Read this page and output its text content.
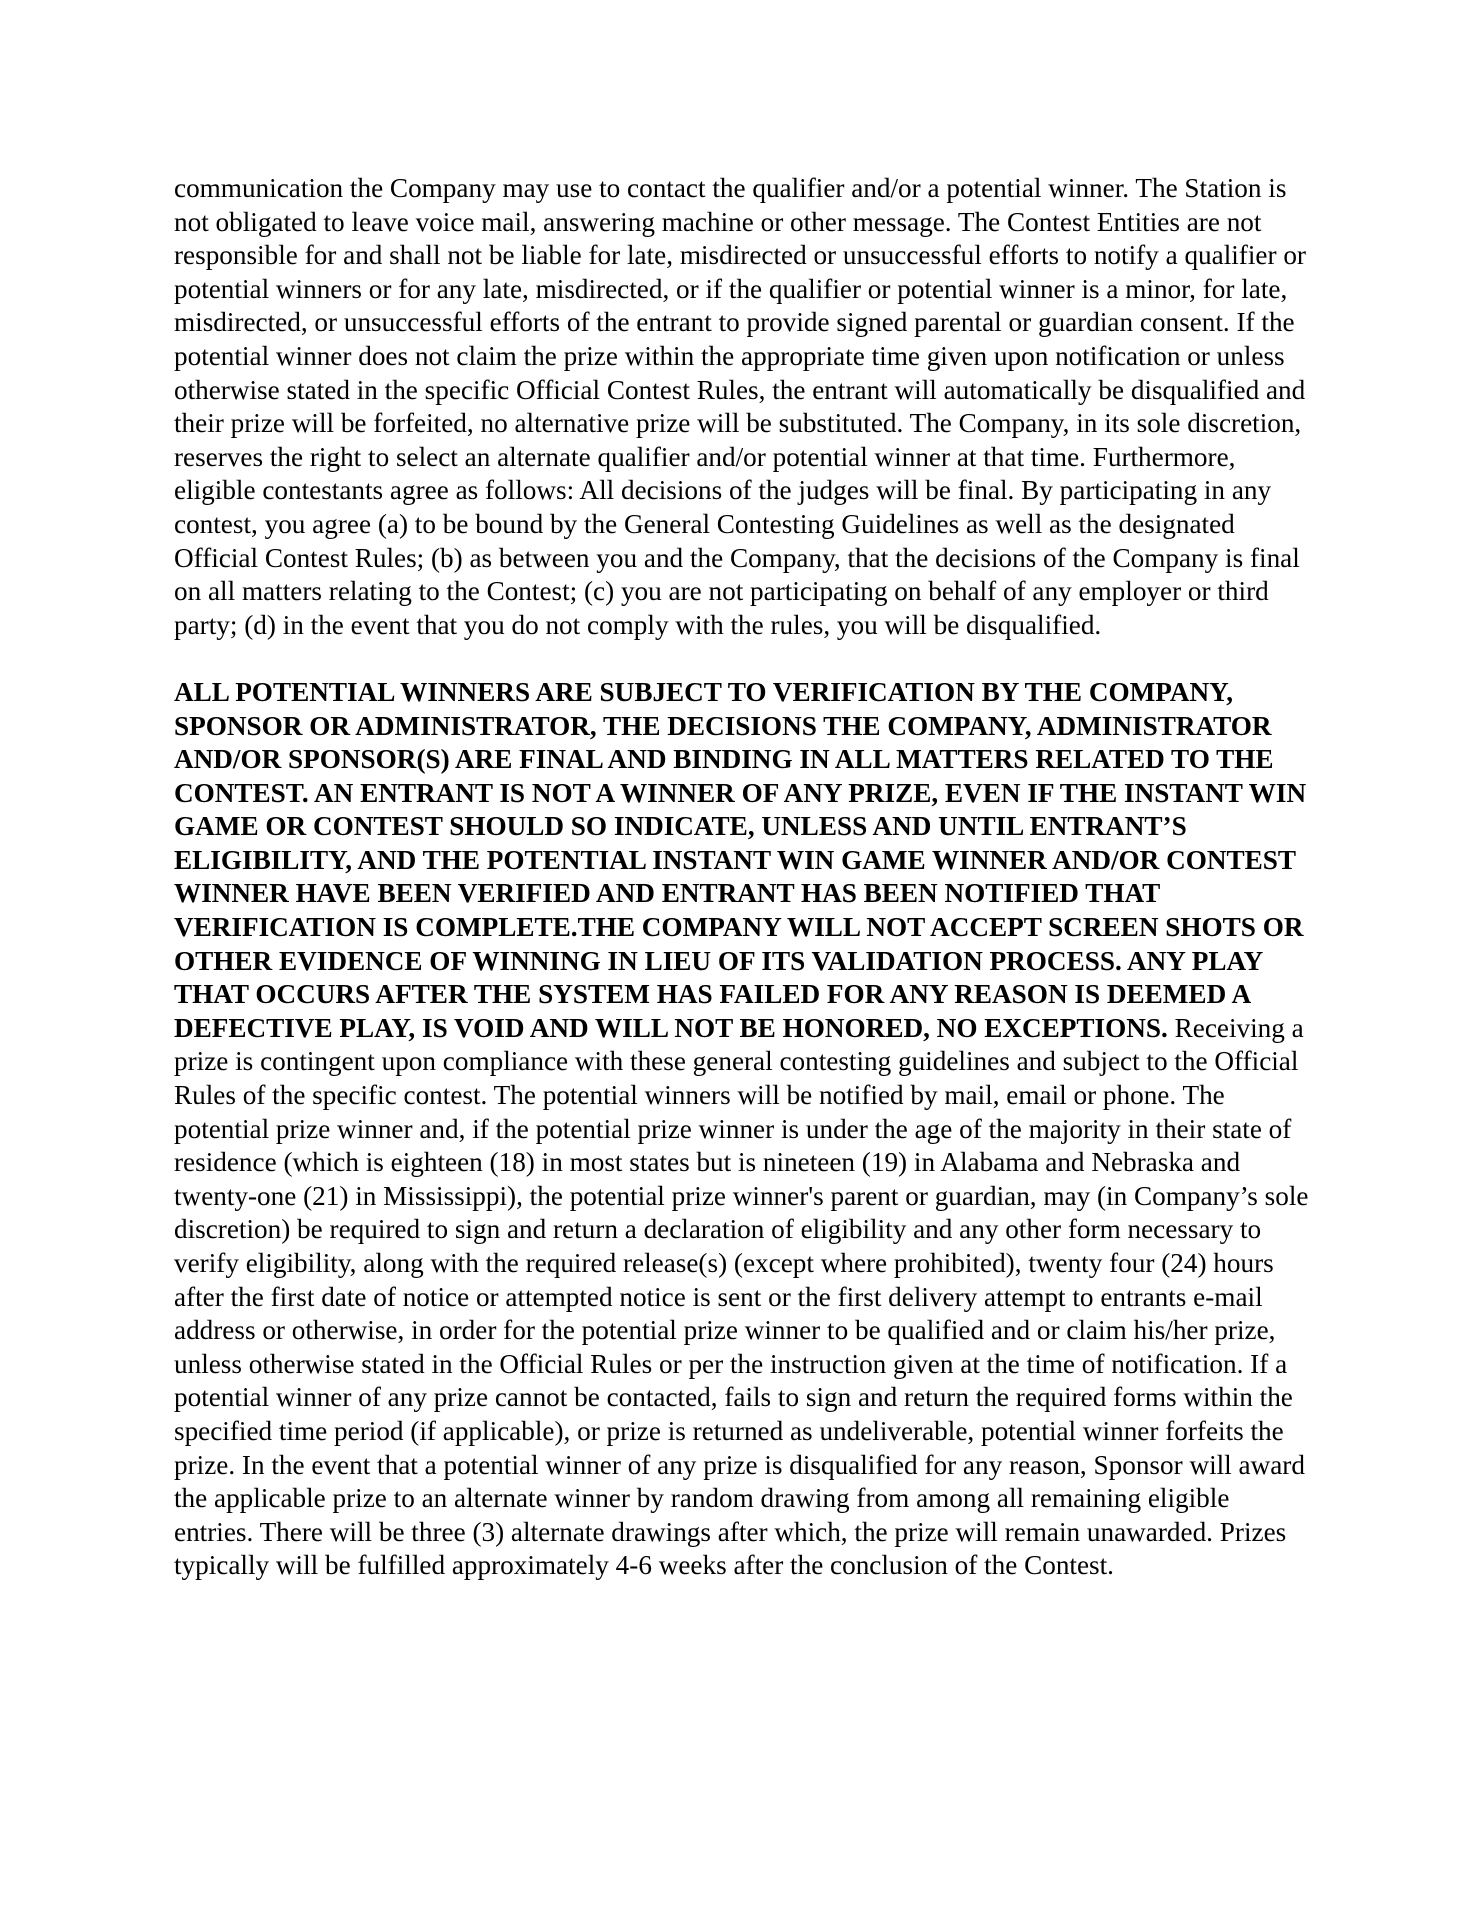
communication the Company may use to contact the qualifier and/or a potential winner. The Station is not obligated to leave voice mail, answering machine or other message. The Contest Entities are not responsible for and shall not be liable for late, misdirected or unsuccessful efforts to notify a qualifier or potential winners or for any late, misdirected, or if the qualifier or potential winner is a minor, for late, misdirected, or unsuccessful efforts of the entrant to provide signed parental or guardian consent. If the potential winner does not claim the prize within the appropriate time given upon notification or unless otherwise stated in the specific Official Contest Rules, the entrant will automatically be disqualified and their prize will be forfeited, no alternative prize will be substituted. The Company, in its sole discretion, reserves the right to select an alternate qualifier and/or potential winner at that time. Furthermore, eligible contestants agree as follows: All decisions of the judges will be final. By participating in any contest, you agree (a) to be bound by the General Contesting Guidelines as well as the designated Official Contest Rules; (b) as between you and the Company, that the decisions of the Company is final on all matters relating to the Contest; (c) you are not participating on behalf of any employer or third party; (d) in the event that you do not comply with the rules, you will be disqualified.

ALL POTENTIAL WINNERS ARE SUBJECT TO VERIFICATION BY THE COMPANY, SPONSOR OR ADMINISTRATOR, THE DECISIONS THE COMPANY, ADMINISTRATOR AND/OR SPONSOR(S) ARE FINAL AND BINDING IN ALL MATTERS RELATED TO THE CONTEST. AN ENTRANT IS NOT A WINNER OF ANY PRIZE, EVEN IF THE INSTANT WIN GAME OR CONTEST SHOULD SO INDICATE, UNLESS AND UNTIL ENTRANT’S ELIGIBILITY, AND THE POTENTIAL INSTANT WIN GAME WINNER AND/OR CONTEST WINNER HAVE BEEN VERIFIED AND ENTRANT HAS BEEN NOTIFIED THAT VERIFICATION IS COMPLETE.THE COMPANY WILL NOT ACCEPT SCREEN SHOTS OR OTHER EVIDENCE OF WINNING IN LIEU OF ITS VALIDATION PROCESS. ANY PLAY THAT OCCURS AFTER THE SYSTEM HAS FAILED FOR ANY REASON IS DEEMED A DEFECTIVE PLAY, IS VOID AND WILL NOT BE HONORED, NO EXCEPTIONS. Receiving a prize is contingent upon compliance with these general contesting guidelines and subject to the Official Rules of the specific contest. The potential winners will be notified by mail, email or phone. The potential prize winner and, if the potential prize winner is under the age of the majority in their state of residence (which is eighteen (18) in most states but is nineteen (19) in Alabama and Nebraska and twenty-one (21) in Mississippi), the potential prize winner's parent or guardian, may (in Company’s sole discretion) be required to sign and return a declaration of eligibility and any other form necessary to verify eligibility, along with the required release(s) (except where prohibited), twenty four (24) hours after the first date of notice or attempted notice is sent or the first delivery attempt to entrants e-mail address or otherwise, in order for the potential prize winner to be qualified and or claim his/her prize, unless otherwise stated in the Official Rules or per the instruction given at the time of notification. If a potential winner of any prize cannot be contacted, fails to sign and return the required forms within the specified time period (if applicable), or prize is returned as undeliverable, potential winner forfeits the prize. In the event that a potential winner of any prize is disqualified for any reason, Sponsor will award the applicable prize to an alternate winner by random drawing from among all remaining eligible entries. There will be three (3) alternate drawings after which, the prize will remain unawarded. Prizes typically will be fulfilled approximately 4-6 weeks after the conclusion of the Contest.
